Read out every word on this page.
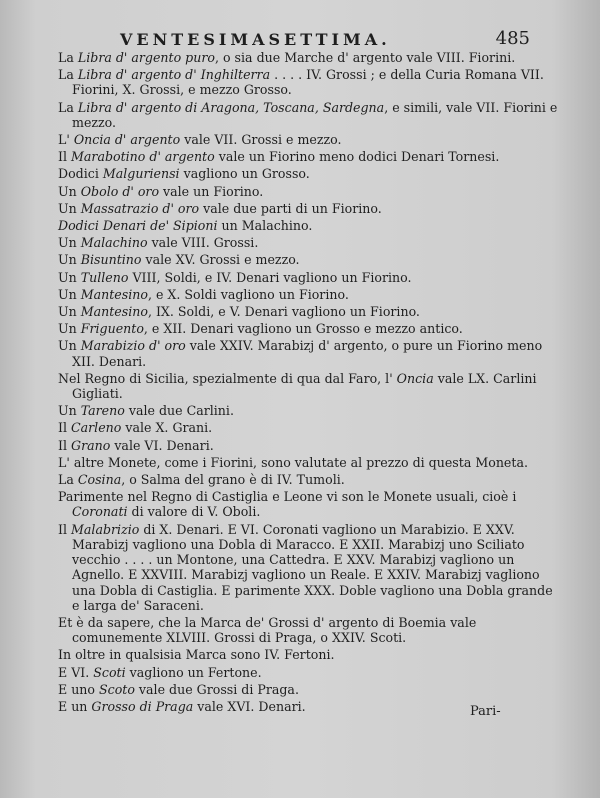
VENTESIMASETTIMA.	485

La Libra d' argento puro, o sia due Marche d' argento vale VIII. Fiorini.

La Libra d' argento d' Inghilterra . . . . IV. Grossi ; e della Curia Romana VII. Fiorini, X. Grossi, e mezzo Grosso.

La Libra d' argento di Aragona, Toscana, Sardegna, e simili, vale VII. Fiorini e mezzo.

L' Oncia d' argento vale VII. Grossi e mezzo.

Il Marabotino d' argento vale un Fiorino meno dodici Denari Tornesi.

Dodici Malguriensi vagliono un Grosso.

Un Obolo d' oro vale un Fiorino.

Un Massatrazio d' oro vale due parti di un Fiorino.

Dodici Denari de' Sipioni un Malachino.

Un Malachino vale VIII. Grossi.

Un Bisuntino vale XV. Grossi e mezzo.

Un Tulleno VIII, Soldi, e IV. Denari vagliono un Fiorino.

Un Mantesino, e X. Soldi vagliono un Fiorino.

Un Mantesino, IX. Soldi, e V. Denari vagliono un Fiorino.

Un Friguento, e XII. Denari vagliono un Grosso e mezzo antico.

Un Marabizio d' oro vale XXIV. Marabizj d' argento, o pure un Fiorino meno XII. Denari.

Nel Regno di Sicilia, spezialmente di qua dal Faro, l' Oncia vale LX. Carlini Gigliati.

Un Tareno vale due Carlini.

Il Carleno vale X. Grani.

Il Grano vale VI. Denari.

L' altre Monete, come i Fiorini, sono valutate al prezzo di questa Moneta.

La Cosina, o Salma del grano è di IV. Tumoli.

Parimente nel Regno di Castiglia e Leone vi son le Monete usuali, cioè i Coronati di valore di V. Oboli.

Il Malabrizio di X. Denari. E VI. Coronati vagliono un Marabizio. E XXV. Marabizj vagliono una Dobla di Maracco. E XXII. Marabizj uno Sciliato vecchio . . . . un Montone, una Cattedra. E XXV. Marabizj vagliono un Agnello. E XXVIII. Marabizj vagliono un Reale. E XXIV. Marabizj vagliono una Dobla di Castiglia. E parimente XXX. Doble vagliono una Dobla grande e larga de' Saraceni.

Et è da sapere, che la Marca de' Grossi d' argento di Boemia vale comunemente XLVIII. Grossi di Praga, o XXIV. Scoti.

In oltre in qualsisia Marca sono IV. Fertoni.

E VI. Scoti vagliono un Fertone.

E uno Scoto vale due Grossi di Praga.

E un Grosso di Praga vale XVI. Denari.	Pari-
